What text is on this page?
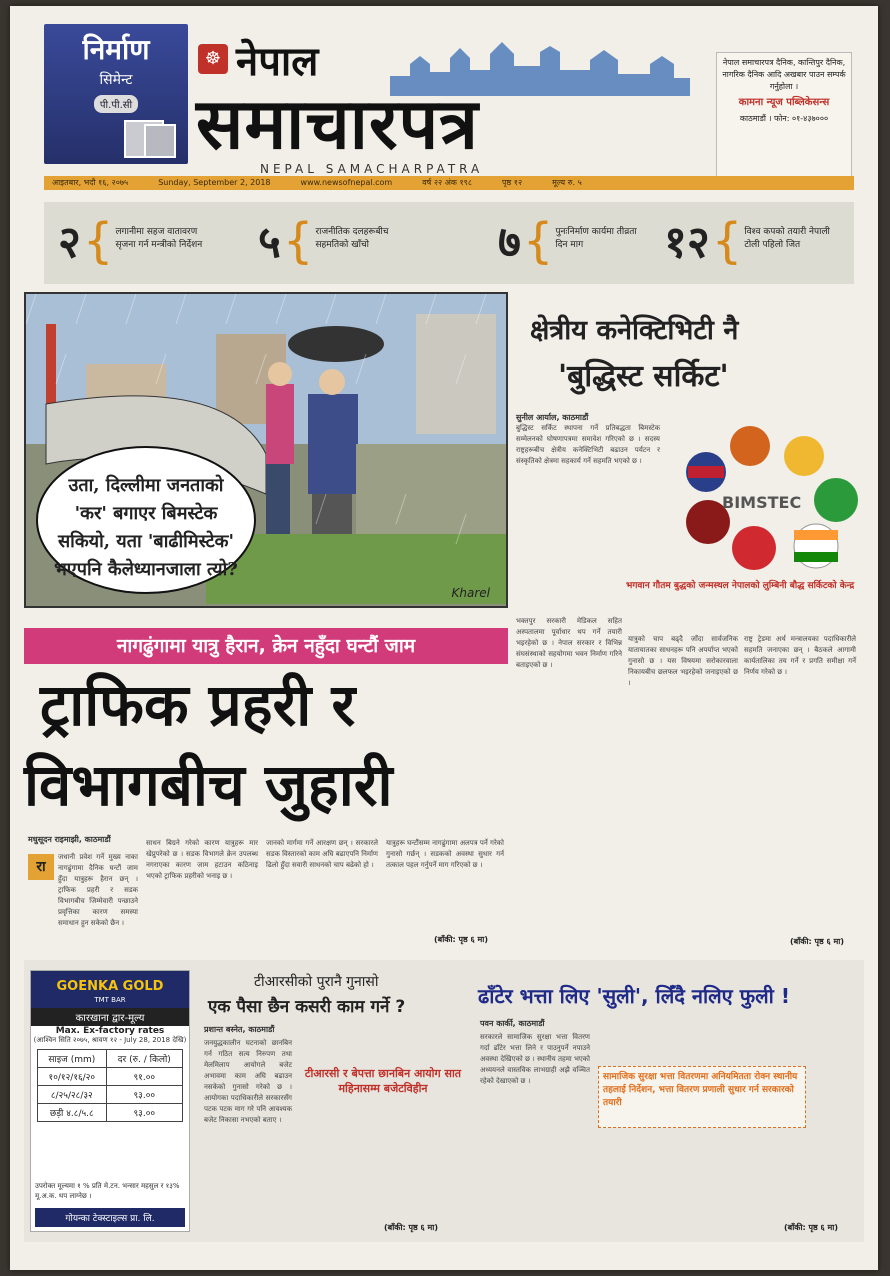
निर्माण
सिमेन्ट
पी.पी.सी
☸ नेपाल
समाचारपत्र
NEPAL SAMACHARPATRA
नेपाल समाचारपत्र दैनिक, कान्तिपुर दैनिक, नागरिक दैनिक आदि अखबार पाउन सम्पर्क गर्नुहोला ।
कामना न्यूज पब्लिकेसन्स
काठमाडौं । फोन: ०१-४३७०००
आइतबार, भदौ १६, २०७५	Sunday, September 2, 2018	www.newsofnepal.com	वर्ष २२ अंक १९८	पृष्ठ १२	मूल्य रु. ५
२ { लगानीमा सहज वातावरण सृजना गर्न मन्त्रीको निर्देशन ५ { राजनीतिक दलहरूबीच सहमतिको खाँचो	७ { पुनःनिर्माण कार्यमा तीव्रता दिन माग	१२ { विश्व कपको तयारी नेपाली टोली पहिलो जित
उता, दिल्लीमा जनताको 'कर' बगाएर बिमस्टेक सकियो, यता 'बाढीमिस्टेक' भएपनि कैलेध्यानजाला त्यो?
Kharel
क्षेत्रीय कनेक्टिभिटी नै
'बुद्धिस्ट सर्किट'
सुनील आर्याल, काठमाडौं
बुद्धिस्ट सर्किट स्थापना गर्ने प्रतिबद्धता बिमस्टेक सम्मेलनको घोषणापत्रमा समावेश गरिएको छ । सदस्य राष्ट्रहरूबीच क्षेत्रीय कनेक्टिभिटी बढाउन पर्यटन र संस्कृतिको क्षेत्रमा सहकार्य गर्ने सहमति भएको छ ।
BIMSTEC
भगवान गौतम बुद्धको जन्मस्थल नेपालको लुम्बिनी बौद्ध सर्किटको केन्द्र
नागढुंगामा यात्रु हैरान, क्रेन नहुँदा घन्टौं जाम
ट्राफिक प्रहरी र
विभागबीच जुहारी
मधुसूदन राइमाझी, काठमाडौं
रा
जधानी प्रवेश गर्ने मुख्य नाका नागढुंगामा दैनिक घन्टौं जाम हुँदा यात्रुहरू हैरान छन् । ट्राफिक प्रहरी र सडक विभागबीच जिम्मेवारी पन्छाउने प्रवृत्तिका कारण समस्या समाधान हुन सकेको छैन ।
साधन बिग्रने गरेको कारण यात्रुहरू मार खेप्नुपरेको छ । सडक विभागले क्रेन उपलब्ध नगराएका कारण जाम हटाउन कठिनाइ भएको ट्राफिक प्रहरीको भनाइ छ ।
जानको मार्गमा गर्ने आरक्षण छन् । सरकारले सडक विस्तारको काम अघि बढाएपनि निर्माण ढिलो हुँदा सवारी साधनको चाप बढेको हो ।
यात्रुहरू घन्टौंसम्म नागढुंगामा अलपत्र पर्ने गरेको गुनासो गर्छन् । सडकको अवस्था सुधार गर्न तत्काल पहल गर्नुपर्ने माग गरिएको छ ।
(बाँकी: पृष्ठ ६ मा)
भक्तपुर सरकारी मेडिकल सहित अस्पतालमा पूर्वाधार थप गर्ने तयारी भइरहेको छ । नेपाल सरकार र विभिन्न संघसंस्थाको सहयोगमा भवन निर्माण गरिने बताइएको छ ।
यात्रुको चाप बढ्दै जाँदा सार्वजनिक यातायातका साधनहरू पनि अपर्याप्त भएको गुनासो छ । यस विषयमा सरोकारवाला निकायबीच छलफल भइरहेको जनाइएको छ ।
राष्ट्र ट्रेडमा अर्थ मन्त्रालयका पदाधिकारीले सहमति जनाएका छन् । बैठकले आगामी कार्यतालिका तय गर्ने र प्रगति समीक्षा गर्ने निर्णय गरेको छ ।
(बाँकी: पृष्ठ ६ मा)
GOENKA GOLD
TMT BAR
कारखाना द्वार-मूल्य
Max. Ex-factory rates
(आश्विन सिति २०७५, श्रावण १२ - July 28, 2018 देखि)
साइज (mm)	दर (रु. / किलो)
१०/१२/१६/२०	९१.००
८/२५/२८/३२	९३.००
छड़ी ४.८/५.८	९३.००
उपरोक्त मूल्यमा १ % प्रति मे.टन. भन्सार महसुल र १३% मू.अ.क. थप लाग्नेछ ।
गोयन्का टेक्स्टाइल्स प्रा. लि.
टीआरसीको पुरानै गुनासो
एक पैसा छैन कसरी काम गर्ने ?
प्रशान्त बस्नेत, काठमाडौं
जनयुद्धकालीन घटनाको छानबिन गर्न गठित सत्य निरुपण तथा मेलमिलाप आयोगले बजेट अभावमा काम अघि बढाउन नसकेको गुनासो गरेको छ । आयोगका पदाधिकारीले सरकारसँग पटक पटक माग गरे पनि आवश्यक बजेट निकासा नभएको बताए ।
टीआरसी र बेपत्ता छानबिन आयोग सात महिनासम्म बजेटविहीन
(बाँकी: पृष्ठ ६ मा)
ढाँटेर भत्ता लिए 'सुली', लिँदै नलिए फुली !
पवन कार्की, काठमाडौं
सरकारले सामाजिक सुरक्षा भत्ता वितरण गर्दा ढाँटेर भत्ता लिने र पाउनुपर्ने नपाउने अवस्था देखिएको छ । स्थानीय तहमा भएको अध्ययनले वास्तविक लाभग्राही अझै वञ्चित रहेको देखाएको छ ।	सामाजिक सुरक्षा भत्ता वितरणमा अनियमितता रोक्न स्थानीय तहलाई निर्देशन, भत्ता वितरण प्रणाली सुधार गर्न सरकारको तयारी
(बाँकी: पृष्ठ ६ मा)
